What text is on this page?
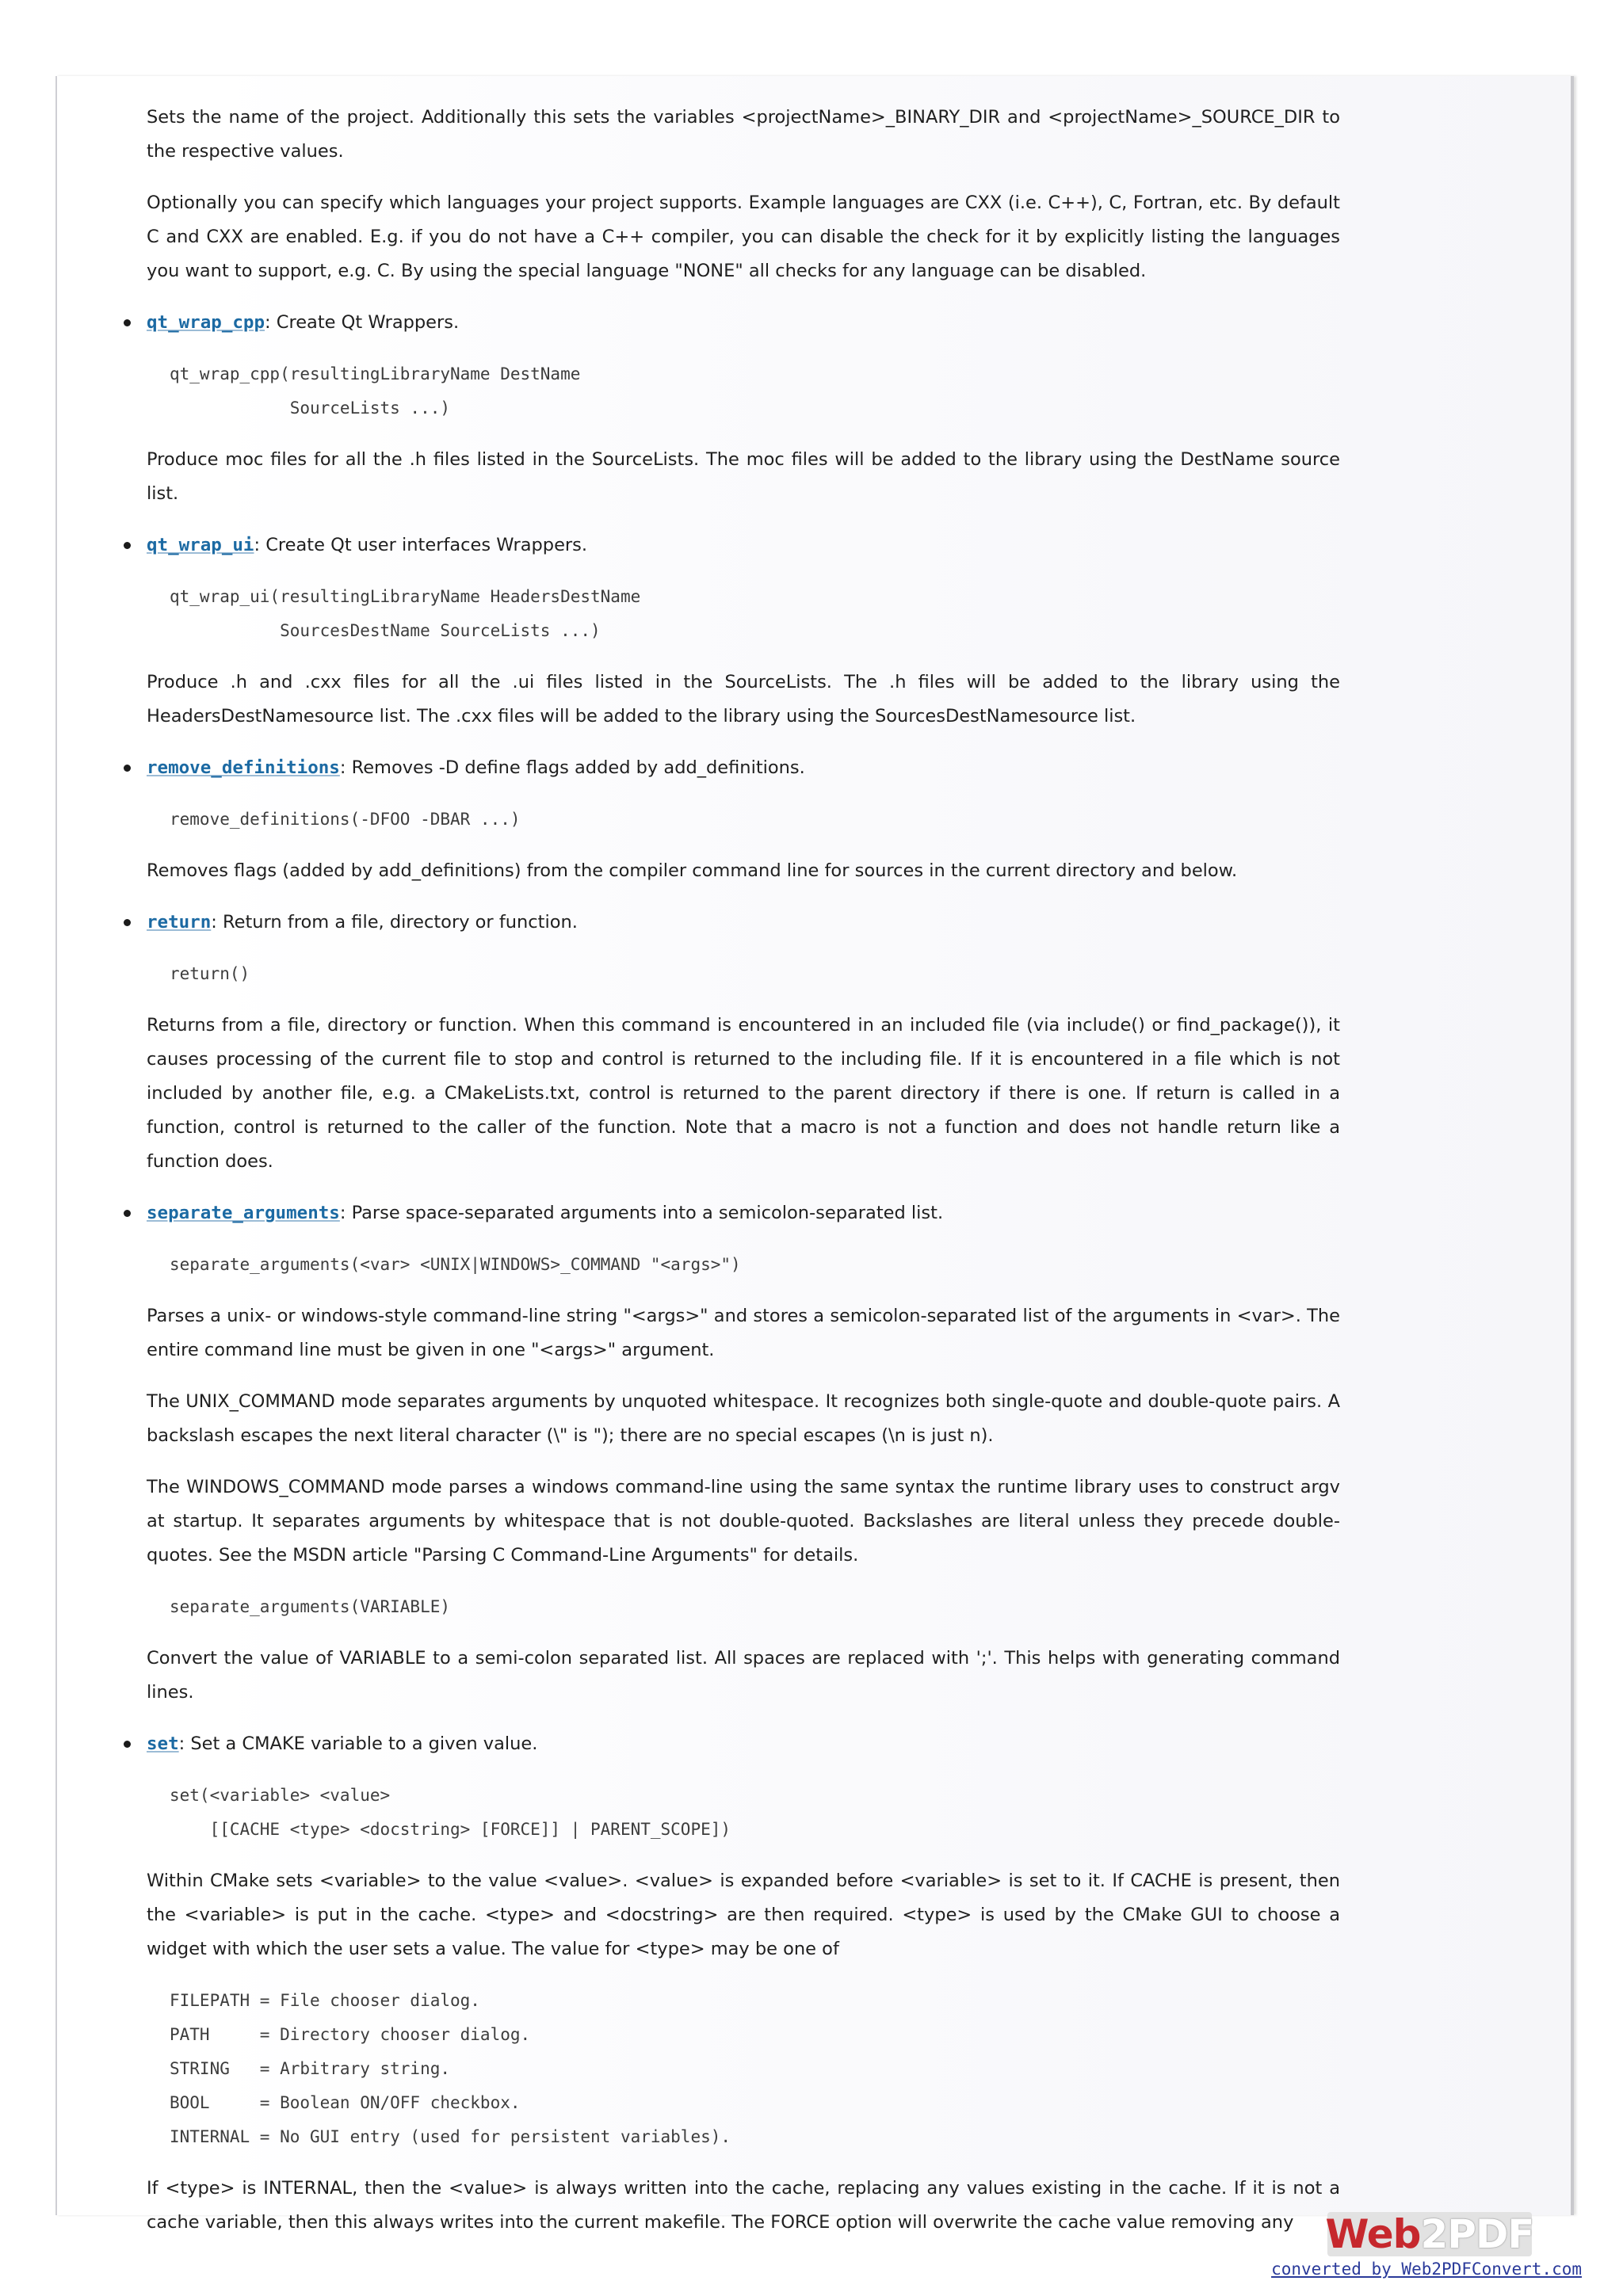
Sets the name of the project. Additionally this sets the variables <projectName>_BINARY_DIR and <projectName>_SOURCE_DIR to the respective values.

Optionally you can specify which languages your project supports. Example languages are CXX (i.e. C++), C, Fortran, etc. By default C and CXX are enabled. E.g. if you do not have a C++ compiler, you can disable the check for it by explicitly listing the languages you want to support, e.g. C. By using the special language "NONE" all checks for any language can be disabled.

qt_wrap_cpp: Create Qt Wrappers.
qt_wrap_cpp(resultingLibraryName DestName
SourceLists ...)

Produce moc files for all the .h files listed in the SourceLists. The moc files will be added to the library using the DestName source list.

qt_wrap_ui: Create Qt user interfaces Wrappers.
qt_wrap_ui(resultingLibraryName HeadersDestName
SourcesDestName SourceLists ...)

Produce .h and .cxx files for all the .ui files listed in the SourceLists. The .h files will be added to the library using the HeadersDestNamesource list. The .cxx files will be added to the library using the SourcesDestNamesource list.

remove_definitions: Removes -D define flags added by add_definitions.
remove_definitions(-DFOO -DBAR ...)

Removes flags (added by add_definitions) from the compiler command line for sources in the current directory and below.

return: Return from a file, directory or function.
return()

Returns from a file, directory or function. When this command is encountered in an included file (via include() or find_package()), it causes processing of the current file to stop and control is returned to the including file. If it is encountered in a file which is not included by another file, e.g. a CMakeLists.txt, control is returned to the parent directory if there is one. If return is called in a function, control is returned to the caller of the function. Note that a macro is not a function and does not handle return like a function does.

separate_arguments: Parse space-separated arguments into a semicolon-separated list.
separate_arguments(<var> <UNIX|WINDOWS>_COMMAND "<args>")

Parses a unix- or windows-style command-line string "<args>" and stores a semicolon-separated list of the arguments in <var>. The entire command line must be given in one "<args>" argument.

The UNIX_COMMAND mode separates arguments by unquoted whitespace. It recognizes both single-quote and double-quote pairs. A backslash escapes the next literal character (\" is "); there are no special escapes (\n is just n).

The WINDOWS_COMMAND mode parses a windows command-line using the same syntax the runtime library uses to construct argv at startup. It separates arguments by whitespace that is not double-quoted. Backslashes are literal unless they precede double-quotes. See the MSDN article "Parsing C Command-Line Arguments" for details.

separate_arguments(VARIABLE)

Convert the value of VARIABLE to a semi-colon separated list. All spaces are replaced with ';'. This helps with generating command lines.

set: Set a CMAKE variable to a given value.
set(<variable> <value>
[[CACHE <type> <docstring> [FORCE]] | PARENT_SCOPE])

Within CMake sets <variable> to the value <value>. <value> is expanded before <variable> is set to it. If CACHE is present, then the <variable> is put in the cache. <type> and <docstring> are then required. <type> is used by the CMake GUI to choose a widget with which the user sets a value. The value for <type> may be one of

FILEPATH = File chooser dialog.
PATH     = Directory chooser dialog.
STRING   = Arbitrary string.
BOOL     = Boolean ON/OFF checkbox.
INTERNAL = No GUI entry (used for persistent variables).

If <type> is INTERNAL, then the <value> is always written into the cache, replacing any values existing in the cache. If it is not a cache variable, then this always writes into the current makefile. The FORCE option will overwrite the cache value removing any Web 2PDF
converted by Web2PDFConvert.com
